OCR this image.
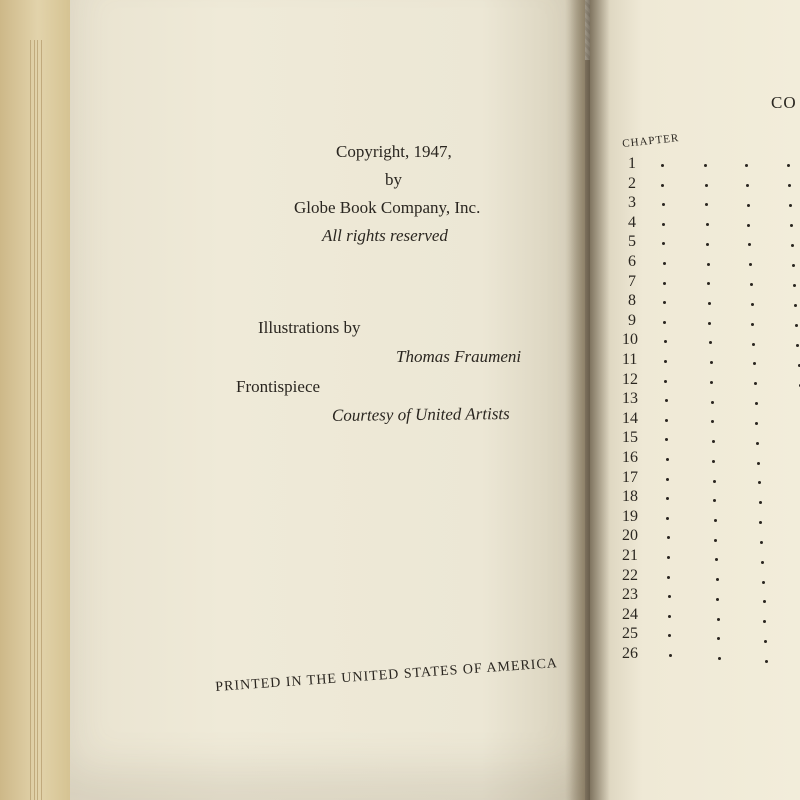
Copyright, 1947,
by
Globe Book Company, Inc.
All rights reserved
Illustrations by
Thomas Fraumeni
Frontispiece
Courtesy of United Artists
PRINTED IN THE UNITED STATES OF AMERICA
CO
CHAPTER
1
2
3
4
5
6
7
8
9
10
11
12
13
14
15
16
17
18
19
20
21
22
23
24
25
26
